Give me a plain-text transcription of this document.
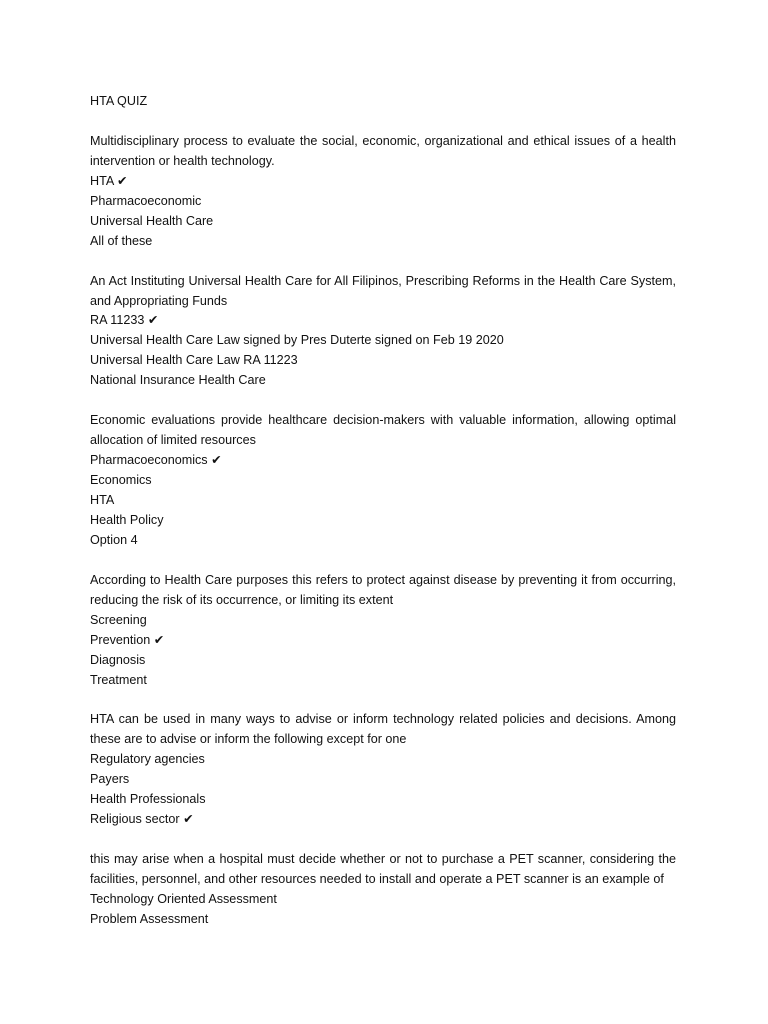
HTA QUIZ

Multidisciplinary process to evaluate the social, economic, organizational and ethical issues of a health intervention or health technology.

HTA ✔

Pharmacoeconomic

Universal Health Care

All of these

An Act Instituting Universal Health Care for All Filipinos, Prescribing Reforms in the Health Care System, and Appropriating Funds

RA 11233 ✔

Universal Health Care Law signed by Pres Duterte signed on Feb 19 2020

Universal Health Care Law RA 11223

National Insurance Health Care

Economic evaluations provide healthcare decision-makers with valuable information, allowing optimal allocation of limited resources

Pharmacoeconomics ✔

Economics

HTA

Health Policy

Option 4

According to Health Care purposes this refers to protect against disease by preventing it from occurring, reducing the risk of its occurrence, or limiting its extent

Screening

Prevention ✔

Diagnosis

Treatment

HTA can be used in many ways to advise or inform technology related policies and decisions. Among these are to advise or inform the following except for one

Regulatory agencies

Payers

Health Professionals

Religious sector ✔

this may arise when a hospital must decide whether or not to purchase a PET scanner, considering the facilities, personnel, and other resources needed to install and operate a PET scanner is an example of

Technology Oriented Assessment

Problem Assessment
